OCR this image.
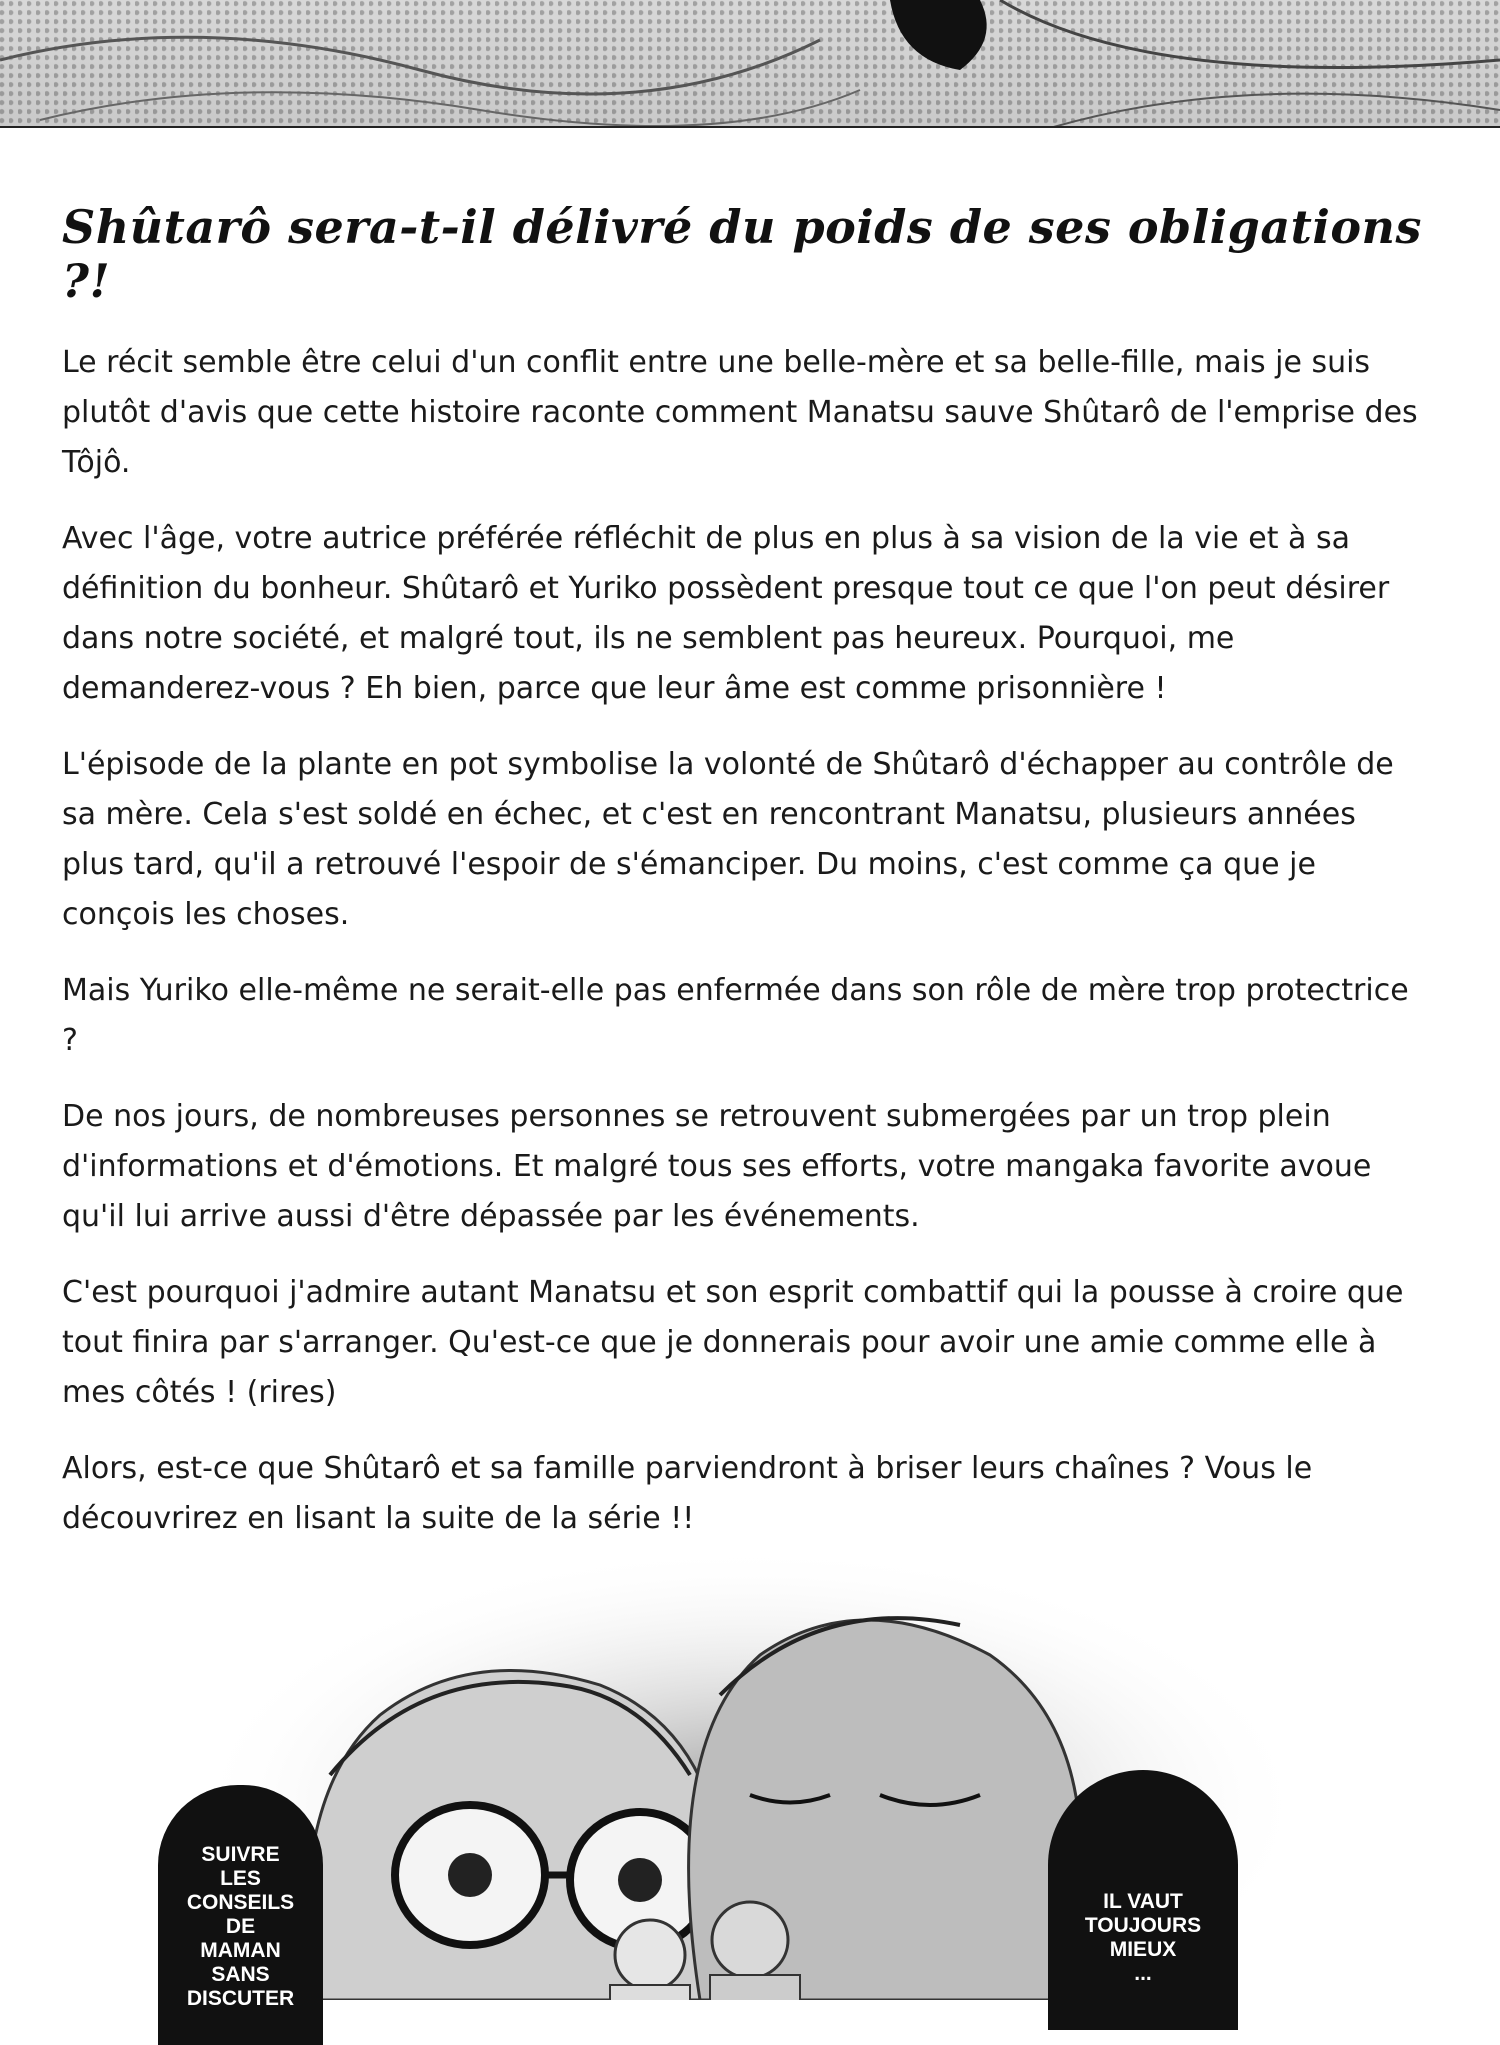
Shûtarô sera-t-il délivré du poids de ses obligations ?!

Le récit semble être celui d'un conflit entre une belle-mère et sa belle-fille, mais je suis plutôt d'avis que cette histoire raconte comment Manatsu sauve Shûtarô de l'emprise des Tôjô.

Avec l'âge, votre autrice préférée réfléchit de plus en plus à sa vision de la vie et à sa définition du bonheur. Shûtarô et Yuriko possèdent presque tout ce que l'on peut désirer dans notre société, et malgré tout, ils ne semblent pas heureux. Pourquoi, me demanderez-vous ? Eh bien, parce que leur âme est comme prisonnière !

L'épisode de la plante en pot symbolise la volonté de Shûtarô d'échapper au contrôle de sa mère. Cela s'est soldé en échec, et c'est en rencontrant Manatsu, plusieurs années plus tard, qu'il a retrouvé l'espoir de s'émanciper. Du moins, c'est comme ça que je conçois les choses.

Mais Yuriko elle-même ne serait-elle pas enfermée dans son rôle de mère trop protectrice ?

De nos jours, de nombreuses personnes se retrouvent submergées par un trop plein d'informations et d'émotions. Et malgré tous ses efforts, votre mangaka favorite avoue qu'il lui arrive aussi d'être dépassée par les événements.

C'est pourquoi j'admire autant Manatsu et son esprit combattif qui la pousse à croire que tout finira par s'arranger. Qu'est-ce que je donnerais pour avoir une amie comme elle à mes côtés ! (rires)

Alors, est-ce que Shûtarô et sa famille parviendront à briser leurs chaînes ? Vous le découvrirez en lisant la suite de la série !!

SUIVRE
LES
CONSEILS
DE
MAMAN
SANS
DISCUTER
IL VAUT
TOUJOURS
MIEUX
...
